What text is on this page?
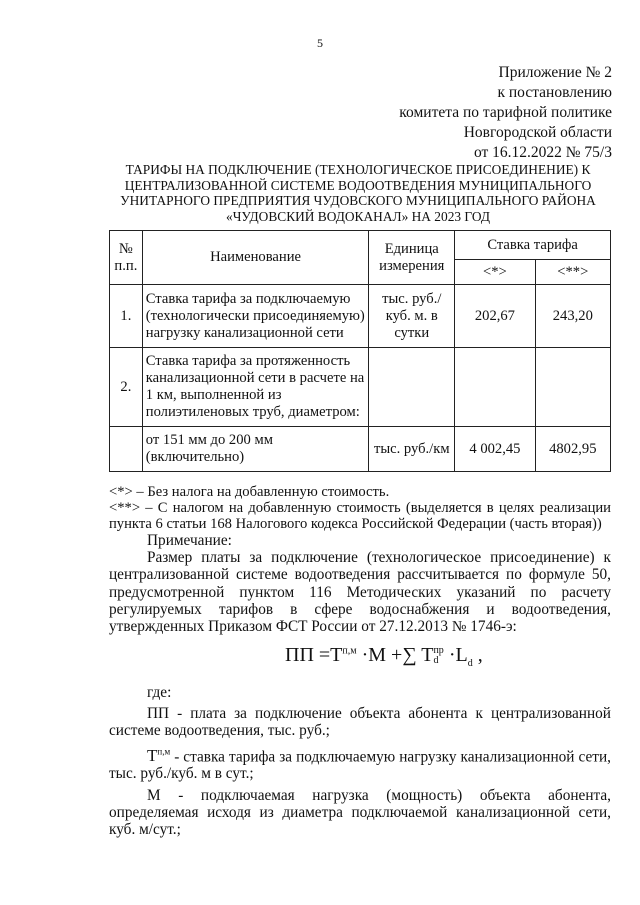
5
Приложение № 2
к постановлению
комитета по тарифной политике
Новгородской области
от 16.12.2022 № 75/3
ТАРИФЫ НА ПОДКЛЮЧЕНИЕ (ТЕХНОЛОГИЧЕСКОЕ ПРИСОЕДИНЕНИЕ) К
ЦЕНТРАЛИЗОВАННОЙ СИСТЕМЕ ВОДООТВЕДЕНИЯ МУНИЦИПАЛЬНОГО
УНИТАРНОГО ПРЕДПРИЯТИЯ ЧУДОВСКОГО МУНИЦИПАЛЬНОГО РАЙОНА
«ЧУДОВСКИЙ ВОДОКАНАЛ» НА 2023 ГОД
№ п.п.	Наименование	Единица измерения	Ставка тарифа	
			<*>	<**>
1.	Ставка тарифа за подключаемую (технологически присоединяемую) нагрузку канализационной сети	тыс. руб./ куб. м. в сутки	202,67	243,20
2.	Ставка тарифа за протяженность канализационной сети в расчете на 1 км, выполненной из полиэтиленовых труб, диаметром:			
	от 151 мм до 200 мм (включительно)	тыс. руб./км	4 002,45	4802,95

<*> – Без налога на добавленную стоимость.

<**> – С налогом на добавленную стоимость (выделяется в целях реализации пункта 6 статьи 168 Налогового кодекса Российской Федерации (часть вторая))

Примечание:

Размер платы за подключение (технологическое присоединение) к централизованной системе водоотведения рассчитывается по формуле 50, предусмотренной пунктом 116 Методических указаний по расчету регулируемых тарифов в сфере водоснабжения и водоотведения, утвержденных Приказом ФСТ России от 27.12.2013 № 1746-э:

ПП $=T^{п,м} \cdot M$ +∑ T пр
$d \cdot L_d$ ,

где:

ПП - плата за подключение объекта абонента к централизованной системе водоотведения, тыс. руб.;

$T^{п,м}$ - ставка тарифа за подключаемую нагрузку канализационной сети, тыс. руб./куб. м в сут.;

М - подключаемая нагрузка (мощность) объекта абонента, определяемая исходя из диаметра подключаемой канализационной сети, куб. м/сут.;
